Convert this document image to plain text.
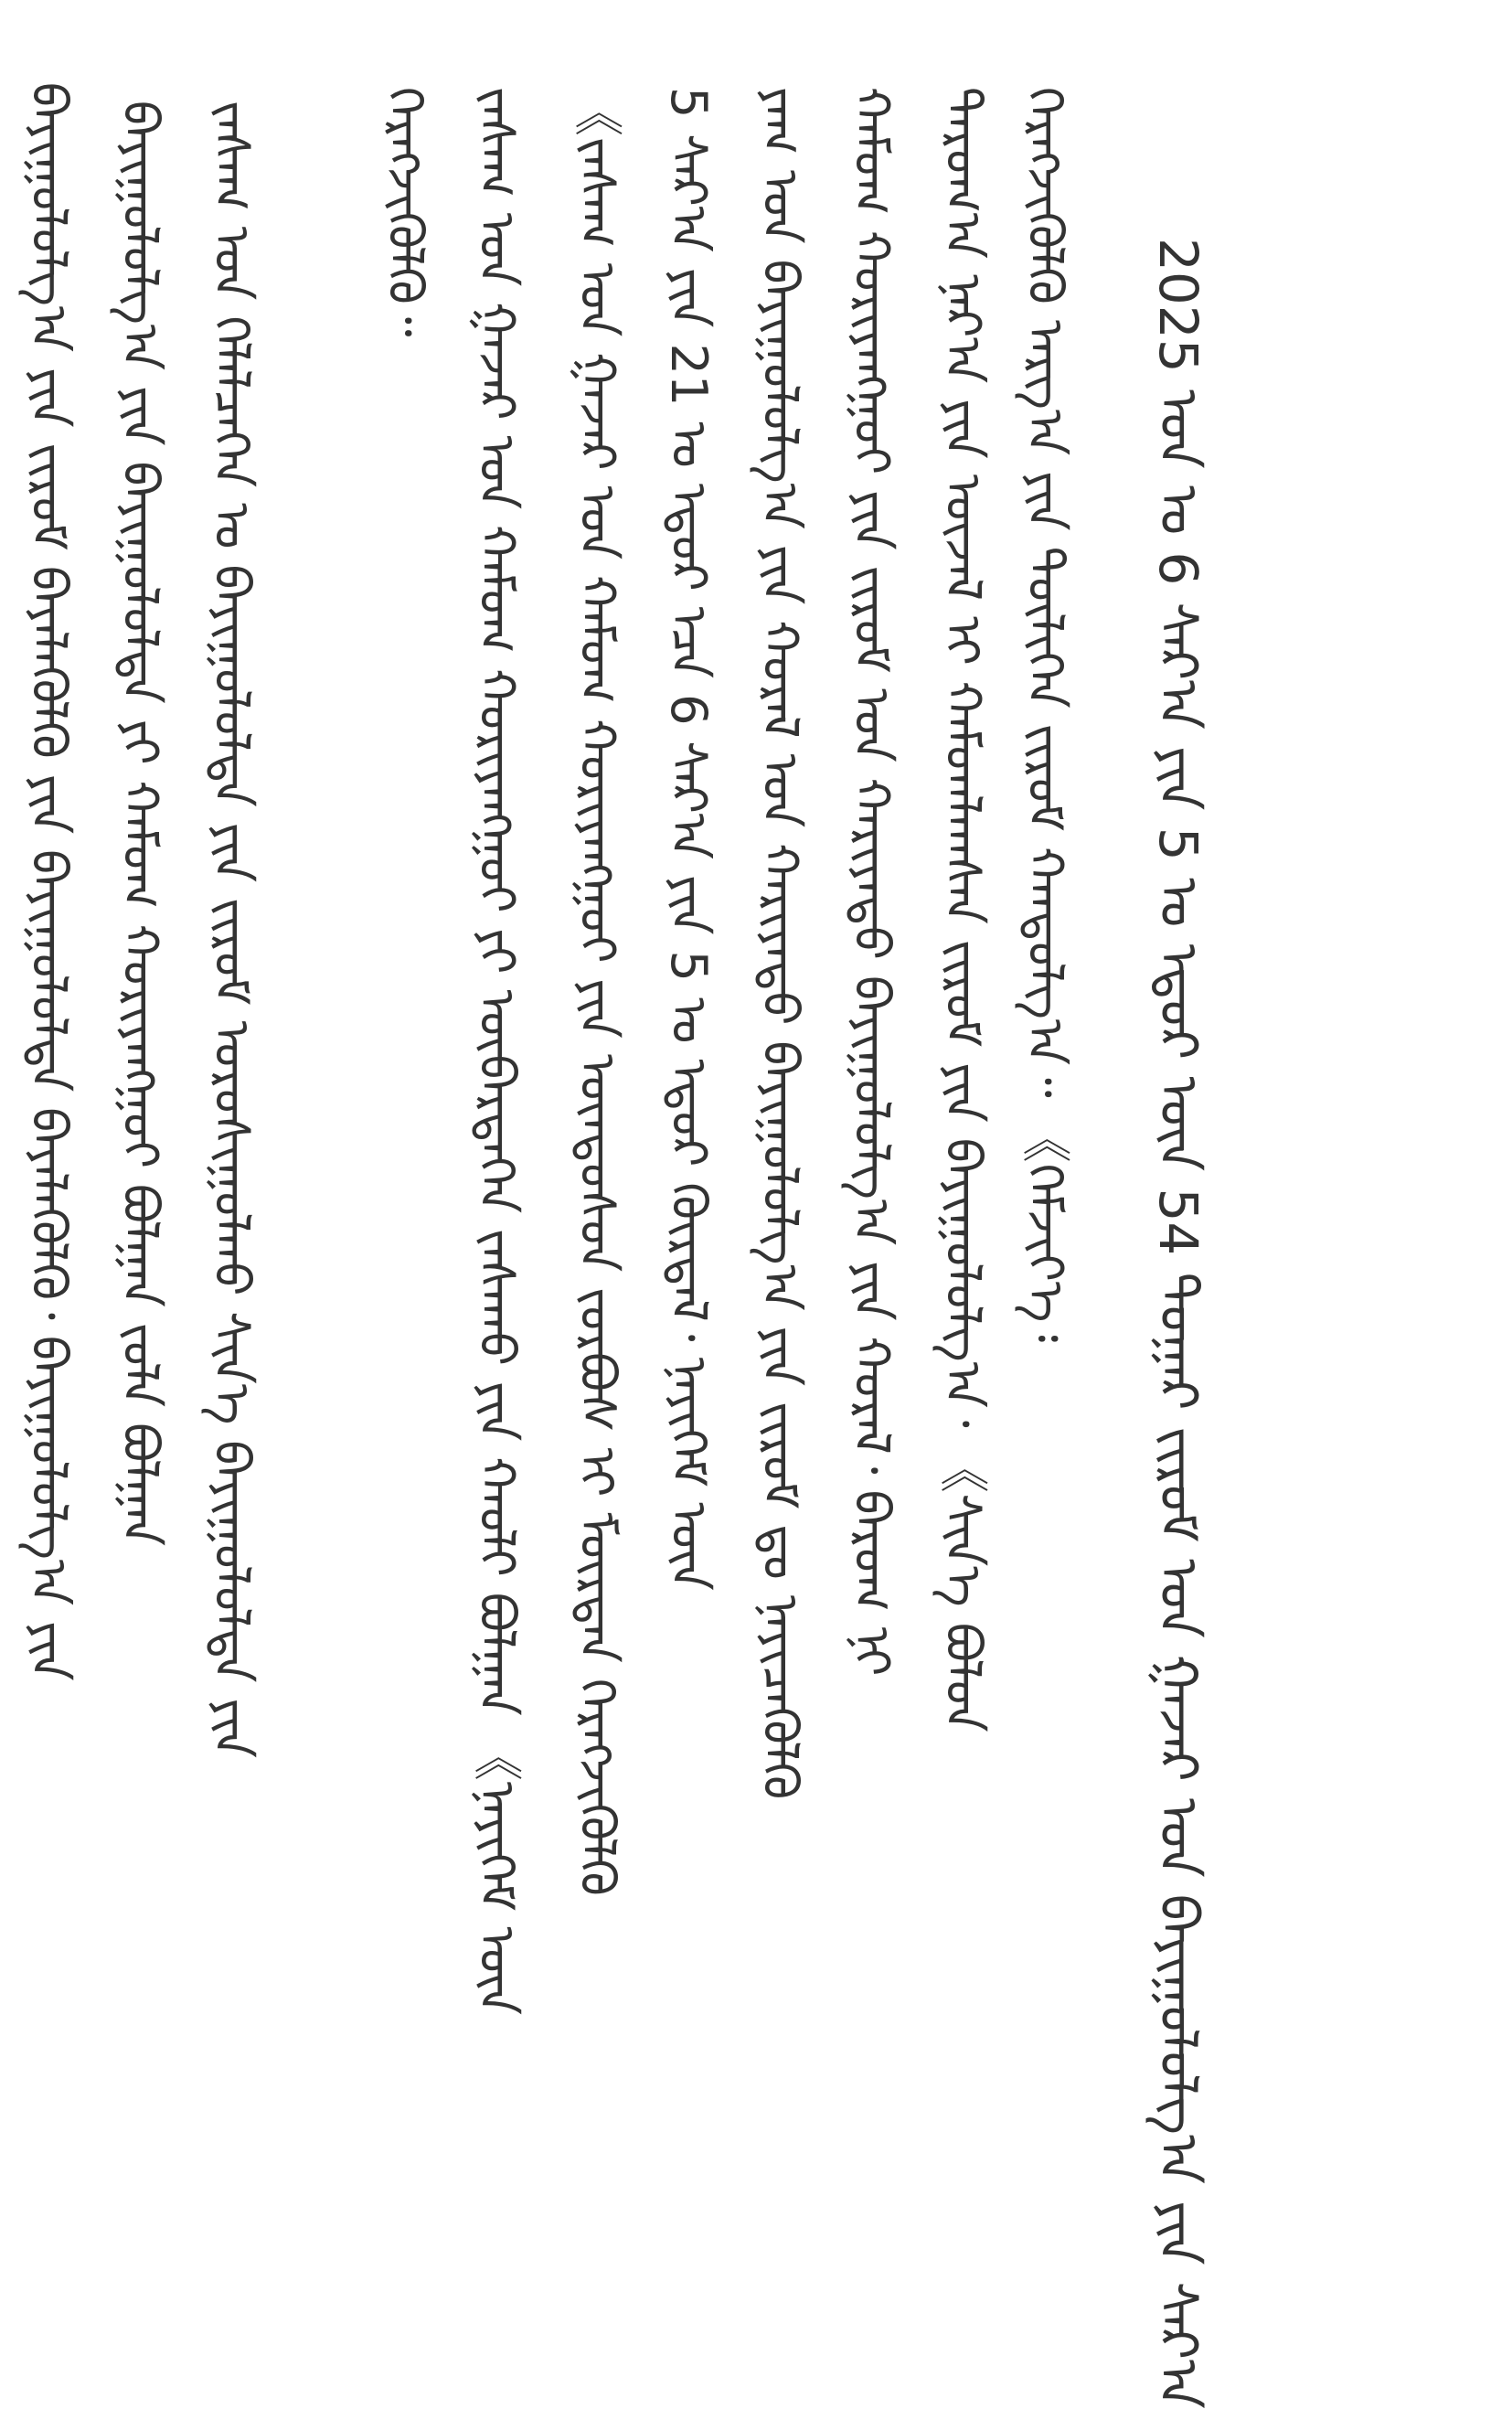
ᠪᠠᠶᠢᠭᠤᠯᠤᠯᠭ᠎ᠠ ᠶᠢᠨ ᠵᠢᠷᠤᠮ ᠪᠡᠶᠡᠯᠡᠭᠦᠯᠬᠦ ᠶᠢᠨ ᠪᠠᠶᠢᠭᠤᠯᠤᠯᠲᠠ ᠪᠡᠶᠡᠯᠡᠭᠦᠯᠬᠦ᠂ ᠪᠠᠶᠢᠭᠤᠯᠤᠯᠭ᠎ᠠ ᠶᠢᠨ ᠪᠠᠶᠢᠭᠤᠯᠤᠯᠭ᠎ᠠ ᠶᠢᠨ ᠪᠠᠶᠢᠭᠤᠯᠤᠯᠲᠠ ᠶᠢ ᠬᠠᠮᠤᠭ ᠬᠤᠷᠢᠶᠠᠩᠭᠤᠢ ᠪᠣᠯᠭᠠᠨ ᠵᠤᠯᠠ ᠪᠣᠯᠭᠠᠨ ᠵᠠᠰᠠᠭ ᠤᠨ ᠬᠡᠯᠡᠯᠴᠡᠭᠡᠨ ᠤ ᠪᠠᠶᠢᠭᠤᠯᠤᠯᠲᠠ ᠶᠢᠨ ᠵᠢᠷᠤᠮ ᠤᠷᠤᠰᠢᠭᠤᠯᠬᠤ ᠰᠢᠨ᠎ᠡ ᠪᠠᠶᠢᠭᠤᠯᠤᠯᠲᠠ ᠶᠢᠨ	ᠬᠡᠷᠡᠭᠵᠢᠭᠦᠯᠬᠦ᠃ ᠵᠠᠰᠠᠭ ᠤᠨ ᠭᠠᠵᠠᠷ ᠤᠨ ᠬᠠᠮᠤᠭ ᠬᠤᠷᠢᠶᠠᠩᠭᠤᠢ ᠶᠢ ᠦᠪᠡᠷᠲᠡᠭᠡᠨ ᠵᠠᠰᠠᠬᠤ ᠶᠢᠨ ᠬᠠᠤᠯᠢ ᠪᠣᠯᠭᠠᠨ 《ᠨᠡᠶᠢᠭᠡᠮ ᠦᠨ 《ᠵᠠᠰᠠᠭ ᠤᠨ ᠭᠠᠵᠠᠷ ᠤᠨ ᠬᠠᠮᠤᠭ ᠬᠤᠷᠢᠶᠠᠩᠭᠤᠢ ᠶᠢᠨ ᠦᠨᠳᠦᠰᠦᠨ ᠵᠤᠷᠪᠤᠰ ᠢ ᠮᠥᠷᠳᠡᠨ ᠬᠡᠷᠡᠭᠵᠢᠭᠦᠯᠬᠦ 5 ᠰᠠᠷ᠎ᠠ ᠶᠢᠨ 21 ᠤ ᠡᠳᠦᠷ ᠡᠴᠡ 6 ᠰᠠᠷ᠎ᠠ ᠶᠢᠨ 5 ᠤ ᠡᠳᠦᠷ ᠬᠦᠷᠲᠡᠯ᠂ ᠨᠡᠶᠢᠭᠡᠮ ᠦᠨ ᠶᠠᠭ ᠤᠨ ᠪᠠᠶᠢᠭᠤᠯᠤᠯᠭ᠎ᠠ ᠶᠢᠨ ᠬᠤᠷᠠᠯ ᠤᠨ ᠬᠠᠷᠢᠶᠠᠲᠤ ᠪᠠᠶᠢᠭᠤᠯᠤᠯᠭ᠎ᠠ ᠶᠢᠨ ᠵᠢᠷᠤᠮ ᠳᠤ ᠨᠡᠶᠢᠴᠡᠭᠦᠯᠬᠦ ᠬᠠᠮᠤᠭ ᠬᠤᠷᠢᠶᠠᠩᠭᠤᠢ ᠶᠢᠨ ᠵᠢᠷᠤᠮ ᠤᠨ ᠬᠠᠷᠢᠶᠠᠲᠤ ᠪᠠᠶᠢᠭᠤᠯᠤᠯᠭ᠎ᠠ ᠶᠢᠨ ᠬᠤᠷᠠᠯ᠂ ᠪᠠᠷᠤᠭ ᠨᠢ ᠳᠠᠷᠤᠭ᠎ᠠ ᠨᠠᠷ᠎ᠠ ᠶᠢᠨ ᠦᠵᠡᠯ ᠢ ᠬᠠᠮᠤᠭᠯᠠᠭᠰᠠᠨ ᠵᠢᠷᠤᠮ ᠶᠢᠨ ᠪᠠᠶᠢᠭᠤᠯᠤᠯᠭ᠎ᠠ᠂ 《ᠰᠢᠨ᠎ᠡ ᠪᠣᠯᠤᠨ ᠬᠡᠷᠡᠭᠵᠢᠭᠦᠯᠬᠦ ᠠᠷᠭ᠎ᠠ ᠶᠢᠨ ᠲᠦᠯᠢᠭᠡᠨ ᠵᠢᠷᠤᠮ ᠬᠠᠨᠳᠤᠯᠭ᠎ᠠ᠃ 《ᠬᠡᠮᠵᠢᠶ᠎ᠡ᠄	2025 ᠣᠨ ᠤ 6 ᠰᠠᠷ᠎ᠠ ᠶᠢᠨ 5 ᠤ ᠡᠳᠦᠷ ᠦᠨ 54 ᠳᠤᠭᠠᠷ ᠵᠢᠷᠤᠮ ᠤᠨ ᠭᠠᠵᠠᠷ ᠤᠨ ᠪᠠᠶᠢᠭᠤᠯᠤᠯᠭ᠎ᠠ ᠶᠢᠨ ᠰᠠᠷ᠎ᠠ
